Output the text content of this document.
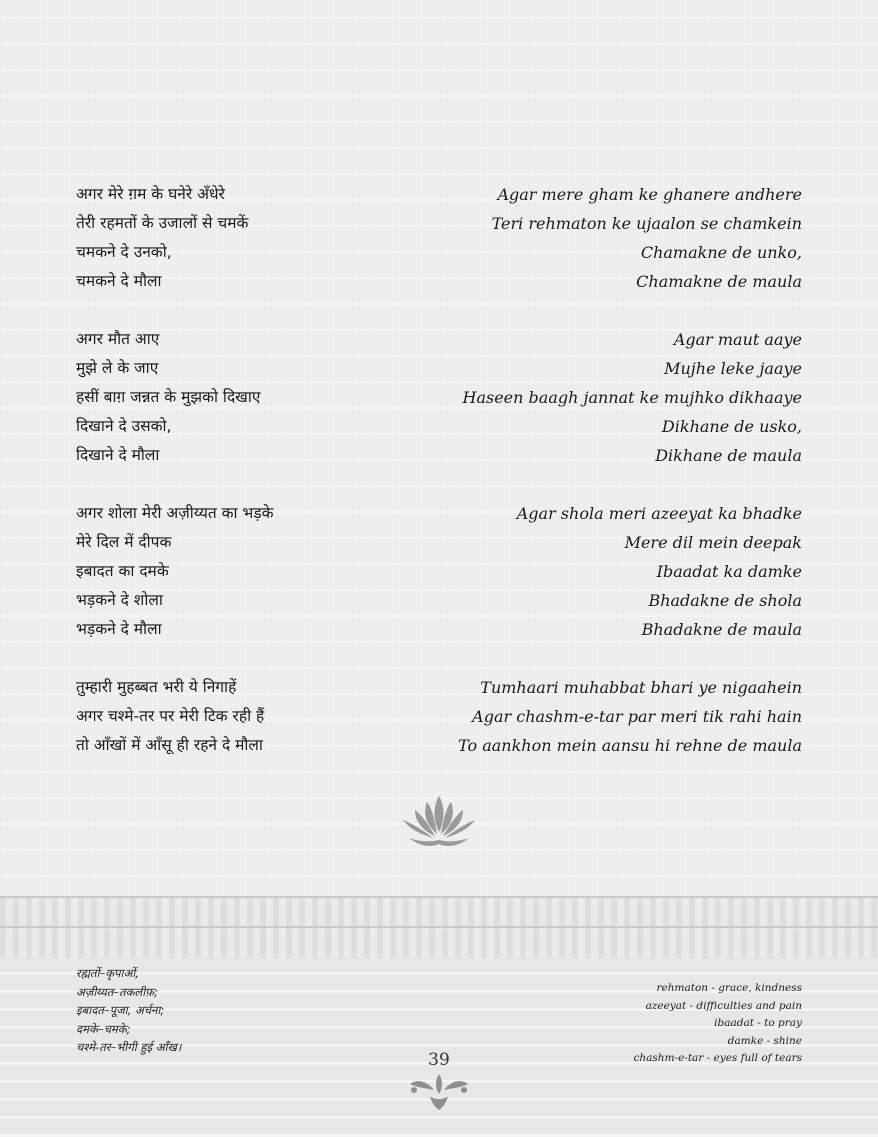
अगर मेरे ग़म के घनेरे अँधेरे
तेरी रहमतों के उजालों से चमकें
चमकने दे उनको,
चमकने दे मौला
अगर मौत आए
मुझे ले के जाए
हसीं बाग़ जन्नत के मुझको दिखाए
दिखाने दे उसको,
दिखाने दे मौला
अगर शोला मेरी अज़ीय्यत का भड़के
मेरे दिल में दीपक
इबादत का दमके
भड़कने दे शोला
भड़कने दे मौला
तुम्हारी मुहब्बत भरी ये निगाहें
अगर चश्मे-तर पर मेरी टिक रही हैं
तो आँखों में आँसू ही रहने दे मौला
Agar mere gham ke ghanere andhere
Teri rehmaton ke ujaalon se chamkein
Chamakne de unko,
Chamakne de maula
Agar maut aaye
Mujhe leke jaaye
Haseen baagh jannat ke mujhko dikhaaye
Dikhane de usko,
Dikhane de maula
Agar shola meri azeeyat ka bhadke
Mere dil mein deepak
Ibaadat ka damke
Bhadakne de shola
Bhadakne de maula
Tumhaari muhabbat bhari ye nigaahein
Agar chashm-e-tar par meri tik rahi hain
To aankhon mein aansu hi rehne de maula
रह्मतों–कृपाओं,
अज़ीय्यत–तकलीफ़;
इबादत–पूजा, अर्चना;
दमके–चमके;
चश्मे-तर–भीगी हुई आँख।
rehmaton - grace, kindness
azeeyat - difficulties and pain
ibaadat - to pray
damke - shine
chashm-e-tar - eyes full of tears
39
